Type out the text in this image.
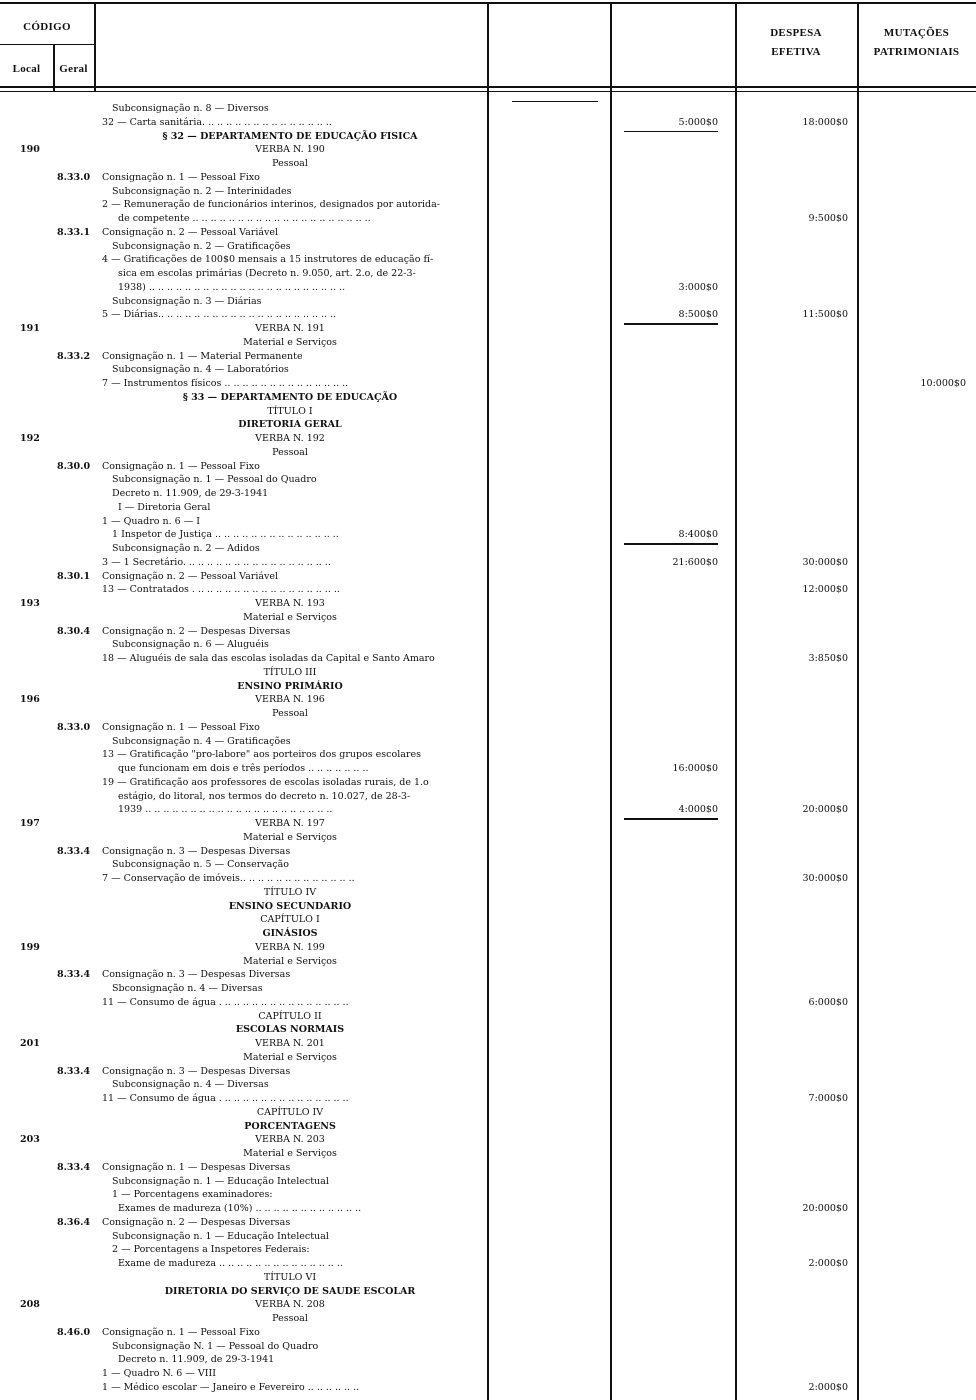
CÓDIGO
Local	Geral
DESPESA
EFETIVA
MUTAÇÕES
PATRIMONIAIS
Subconsignação n. 8 — Diversos
32 — Carta sanitária. .. .. .. .. .. .. .. .. .. .. .. .. .. ..
§ 32 — DEPARTAMENTO DE EDUCAÇÃO FISICA
VERBA N. 190
Pessoal
Consignação n. 1 — Pessoal Fixo
Subconsignação n. 2 — Interinidades
2 — Remuneração de funcionários interinos, designados por autorida-
de competente .. .. .. .. .. .. .. .. .. .. .. .. .. .. .. .. .. .. .. ..
Consignação n. 2 — Pessoal Variável
Subconsignação n. 2 — Gratificações
4 — Gratificações de 100$0 mensais a 15 instrutores de educação fí-
sica em escolas primárias (Decreto n. 9.050, art. 2.o, de 22-3-
1938) .. .. .. .. .. .. .. .. .. .. .. .. .. .. .. .. .. .. .. .. .. ..
Subconsignação n. 3 — Diárias
5 — Diárias.. .. .. .. .. .. .. .. .. .. .. .. .. .. .. .. .. .. .. ..
VERBA N. 191
Material e Serviços
Consignação n. 1 — Material Permanente
Subconsignação n. 4 — Laboratórios
7 — Instrumentos físicos .. .. .. .. .. .. .. .. .. .. .. .. .. ..
§ 33 — DEPARTAMENTO DE EDUCAÇÃO
TÍTULO I
DIRETORIA GERAL
VERBA N. 192
Pessoal
Consignação n. 1 — Pessoal Fixo
Subconsignação n. 1 — Pessoal do Quadro
Decreto n. 11.909, de 29-3-1941
I — Diretoria Geral
1 — Quadro n. 6 — I
1 Inspetor de Justiça .. .. .. .. .. .. .. .. .. .. .. .. .. ..
Subconsignação n. 2 — Adidos
3 — 1 Secretário. .. .. .. .. .. .. .. .. .. .. .. .. .. .. .. ..
Consignação n. 2 — Pessoal Variável
13 — Contratados . .. .. .. .. .. .. .. .. .. .. .. .. .. .. .. ..
VERBA N. 193
Material e Serviços
Consignação n. 2 — Despesas Diversas
Subconsignação n. 6 — Aluguéis
18 — Aluguéis de sala das escolas isoladas da Capital e Santo Amaro
TÍTULO III
ENSINO PRIMÁRIO
VERBA N. 196
Pessoal
Consignação n. 1 — Pessoal Fixo
Subconsignação n. 4 — Gratificações
13 — Gratificação "pro-labore" aos porteiros dos grupos escolares
que funcionam em dois e três períodos .. .. .. .. .. .. ..
19 — Gratificação aos professores de escolas isoladas rurais, de 1.o
estágio, do litoral, nos termos do decreto n. 10.027, de 28-3-
1939 .. .. .. .. .. .. .. .. .. .. .. .. .. .. .. .. .. .. .. .. ..
VERBA N. 197
Material e Serviços
Consignação n. 3 — Despesas Diversas
Subconsignação n. 5 — Conservação
7 — Conservação de imóveis.. .. .. .. .. .. .. .. .. .. .. .. ..
TÍTULO IV
ENSINO SECUNDARIO
CAPÍTULO I
GINÁSIOS
VERBA N. 199
Material e Serviços
Consignação n. 3 — Despesas Diversas
Sbconsignação n. 4 — Diversas
11 — Consumo de água . .. .. .. .. .. .. .. .. .. .. .. .. .. ..
CAPÍTULO II
ESCOLAS NORMAIS
VERBA N. 201
Material e Serviços
Consignação n. 3 — Despesas Diversas
Subconsignação n. 4 — Diversas
11 — Consumo de água . .. .. .. .. .. .. .. .. .. .. .. .. .. ..
CAPÍTULO IV
PORCENTAGENS
VERBA N. 203
Material e Serviços
Consignação n. 1 — Despesas Diversas
Subconsignação n. 1 — Educação Intelectual
1 — Porcentagens examinadores:
Exames de madureza (10%) .. .. .. .. .. .. .. .. .. .. .. ..
Consignação n. 2 — Despesas Diversas
Subconsignação n. 1 — Educação Intelectual
2 — Porcentagens a Inspetores Federais:
Exame de madureza .. .. .. .. .. .. .. .. .. .. .. .. .. ..
TÍTULO VI
DIRETORIA DO SERVIÇO DE SAUDE ESCOLAR
VERBA N. 208
Pessoal
Consignação n. 1 — Pessoal Fixo
Subconsignação N. 1 — Pessoal do Quadro
Decreto n. 11.909, de 29-3-1941
1 — Quadro N. 6 — VIII
1 — Médico escolar — Janeiro e Fevereiro .. .. .. .. .. ..
190
191
192
193
196
197
199
201
203
208
8.33.0
8.33.1
8.33.2
8.30.0
8.30.1
8.30.4
8.33.0
8.33.4
8.33.4
8.33.4
8.33.4
8.36.4
8.46.0
5:000$0
3:000$0
8:500$0
8:400$0
21:600$0
16:000$0
4:000$0
18:000$0
9:500$0
11:500$0
30:000$0
12:000$0
3:850$0
20:000$0
30:000$0
6:000$0
7:000$0
20:000$0
2:000$0
2:000$0
10:000$0
